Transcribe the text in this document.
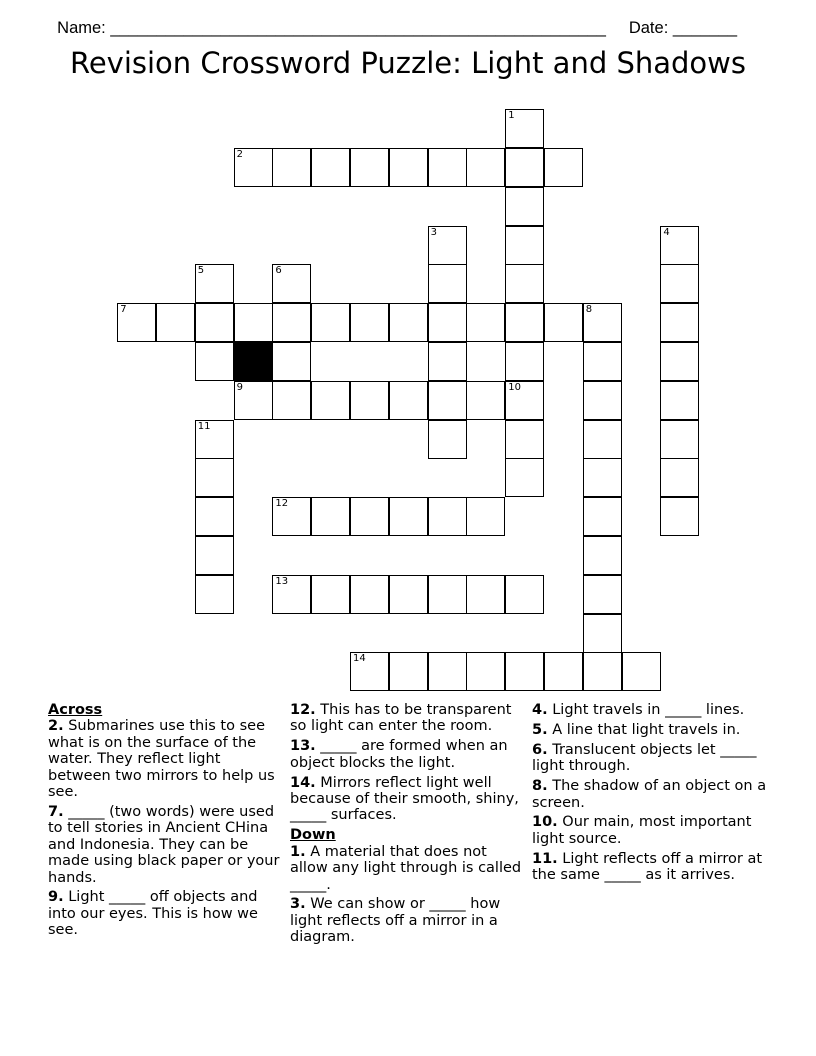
Name: ______________________________________________________ Date: _______

Revision Crossword Puzzle: Light and Shadows
1
2
3	4
5	6
7	8
9	10
11
12
13
14
Across

2. Submarines use this to see what is on the surface of the water. They reflect light between two mirrors to help us see.

7. _____ (two words) were used to tell stories in Ancient CHina and Indonesia. They can be made using black paper or your hands.

9. Light _____ off objects and into our eyes. This is how we see.

12. This has to be transparent so light can enter the room.

13. _____ are formed when an object blocks the light.

14. Mirrors reflect light well because of their smooth, shiny, _____ surfaces.

Down

1. A material that does not allow any light through is called _____.

3. We can show or _____ how light reflects off a mirror in a diagram.

4. Light travels in _____ lines.

5. A line that light travels in.

6. Translucent objects let _____ light through.

8. The shadow of an object on a screen.

10. Our main, most important light source.

11. Light reflects off a mirror at the same _____ as it arrives.
